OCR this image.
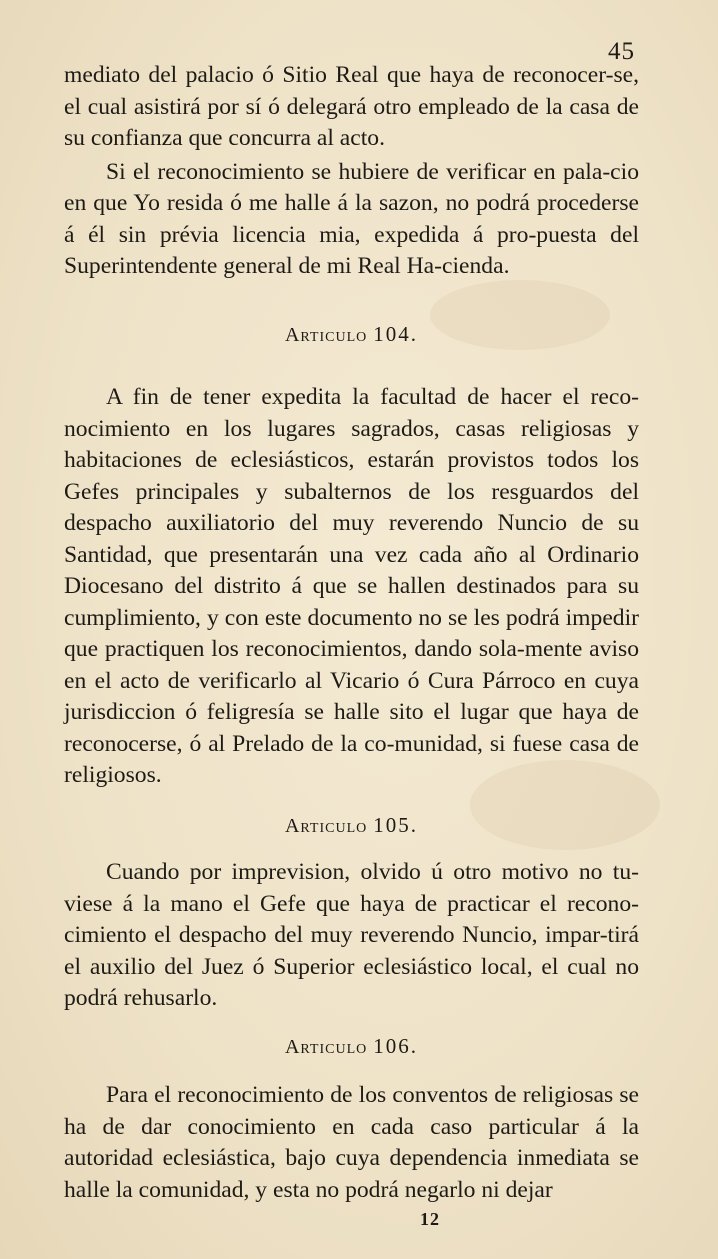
45

mediato del palacio ó Sitio Real que haya de reconocer-se, el cual asistirá por sí ó delegará otro empleado de la casa de su confianza que concurra al acto.

Si el reconocimiento se hubiere de verificar en pala-cio en que Yo resida ó me halle á la sazon, no podrá procederse á él sin prévia licencia mia, expedida á pro-puesta del Superintendente general de mi Real Ha-cienda.

Articulo 104.

A fin de tener expedita la facultad de hacer el reco-nocimiento en los lugares sagrados, casas religiosas y habitaciones de eclesiásticos, estarán provistos todos los Gefes principales y subalternos de los resguardos del despacho auxiliatorio del muy reverendo Nuncio de su Santidad, que presentarán una vez cada año al Ordinario Diocesano del distrito á que se hallen destinados para su cumplimiento, y con este documento no se les podrá impedir que practiquen los reconocimientos, dando sola-mente aviso en el acto de verificarlo al Vicario ó Cura Párroco en cuya jurisdiccion ó feligresía se halle sito el lugar que haya de reconocerse, ó al Prelado de la co-munidad, si fuese casa de religiosos.

Articulo 105.

Cuando por imprevision, olvido ú otro motivo no tu-viese á la mano el Gefe que haya de practicar el recono-cimiento el despacho del muy reverendo Nuncio, impar-tirá el auxilio del Juez ó Superior eclesiástico local, el cual no podrá rehusarlo.

Articulo 106.

Para el reconocimiento de los conventos de religiosas se ha de dar conocimiento en cada caso particular á la autoridad eclesiástica, bajo cuya dependencia inmediata se halle la comunidad, y esta no podrá negarlo ni dejar

12
